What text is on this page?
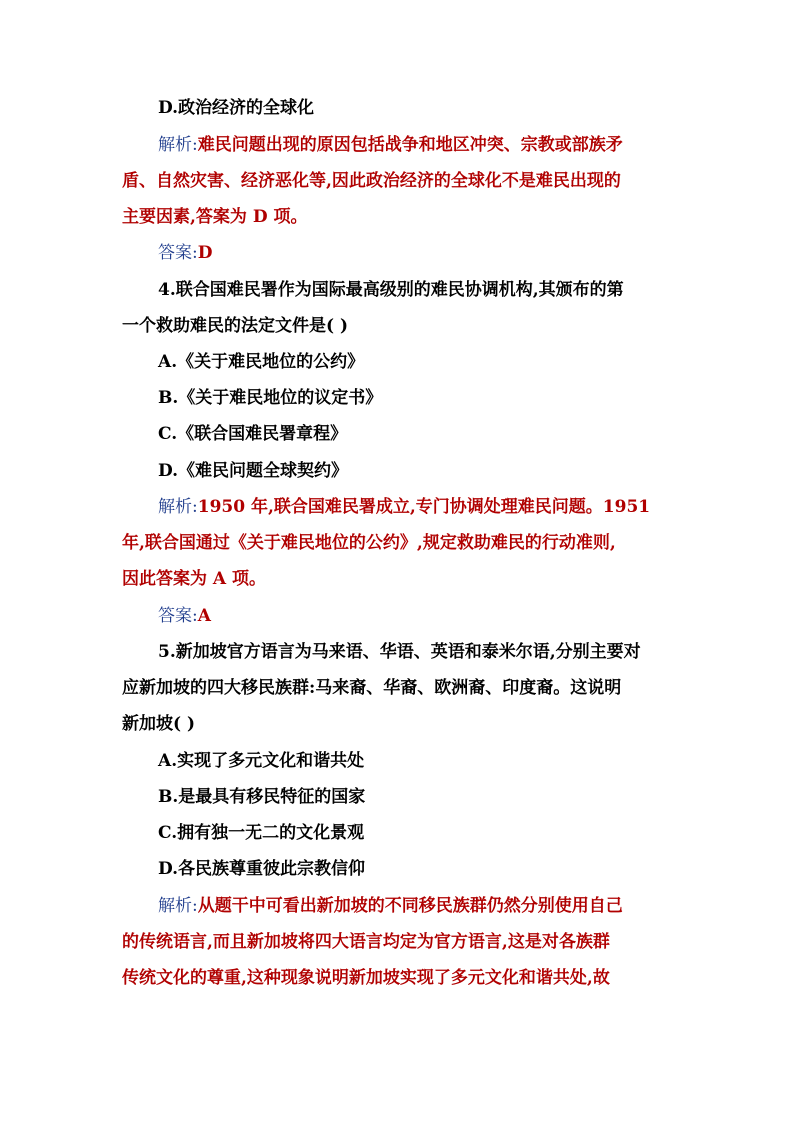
D.政治经济的全球化
解析:难民问题出现的原因包括战争和地区冲突、宗教或部族矛
盾、自然灾害、经济恶化等,因此政治经济的全球化不是难民出现的
主要因素,答案为 D 项。
答案:D
4.联合国难民署作为国际最高级别的难民协调机构,其颁布的第
一个救助难民的法定文件是( )
A.《关于难民地位的公约》
B.《关于难民地位的议定书》
C.《联合国难民署章程》
D.《难民问题全球契约》
解析:1950 年,联合国难民署成立,专门协调处理难民问题。1951
年,联合国通过《关于难民地位的公约》,规定救助难民的行动准则,
因此答案为 A 项。
答案:A
5.新加坡官方语言为马来语、华语、英语和泰米尔语,分别主要对
应新加坡的四大移民族群:马来裔、华裔、欧洲裔、印度裔。这说明
新加坡( )
A.实现了多元文化和谐共处
B.是最具有移民特征的国家
C.拥有独一无二的文化景观
D.各民族尊重彼此宗教信仰
解析:从题干中可看出新加坡的不同移民族群仍然分别使用自己
的传统语言,而且新加坡将四大语言均定为官方语言,这是对各族群
传统文化的尊重,这种现象说明新加坡实现了多元文化和谐共处,故
